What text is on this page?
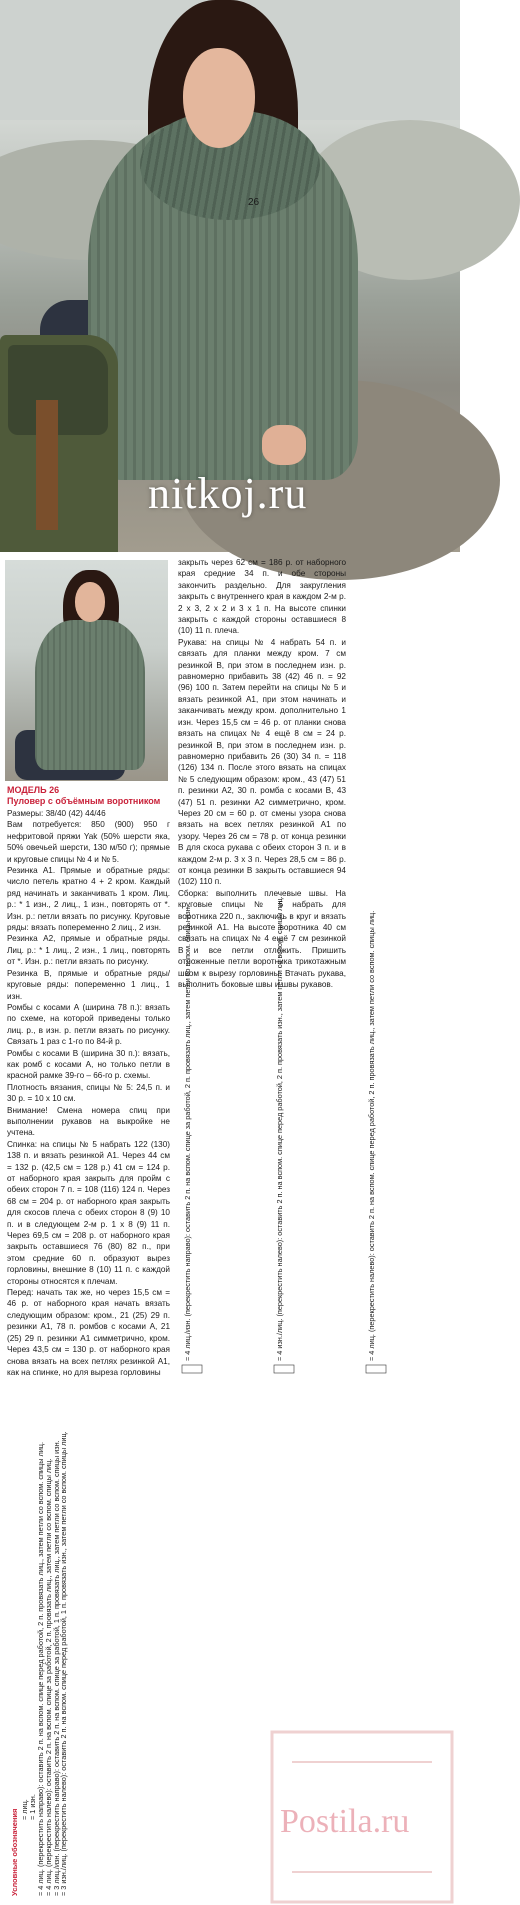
26
nitkoj.ru
МОДЕЛЬ 26
Пуловер с объёмным воротником
Размеры: 38/40 (42) 44/46
Вам потребуется: 850 (900) 950 г нефритовой пряжи Yak (50% шерсти яка, 50% овечьей шерсти, 130 м/50 г); прямые и круговые спицы № 4 и № 5.
Резинка А1. Прямые и обратные ряды: число петель кратно 4 + 2 кром. Каждый ряд начинать и заканчивать 1 кром. Лиц. р.: * 1 изн., 2 лиц., 1 изн., повторять от *. Изн. р.: петли вязать по рисунку. Круговые ряды: вязать попеременно 2 лиц., 2 изн.
Резинка А2, прямые и обратные ряды. Лиц. р.: * 1 лиц., 2 изн., 1 лиц., повторять от *. Изн. р.: петли вязать по рисунку.
Резинка В, прямые и обратные ряды/круговые ряды: попеременно 1 лиц., 1 изн.
Ромбы с косами А (ширина 78 п.): вязать по схеме, на которой приведены только лиц. р., в изн. р. петли вязать по рисунку. Связать 1 раз с 1-го по 84-й р.
Ромбы с косами В (ширина 30 п.): вязать, как ромб с косами А, но только петли в красной рамке 39-го – 66-го р. схемы.
Плотность вязания, спицы № 5: 24,5 п. и 30 р. = 10 х 10 см.
Внимание! Смена номера спиц при выполнении рукавов на выкройке не учтена.
Спинка: на спицы № 5 набрать 122 (130) 138 п. и вязать резинкой А1. Через 44 см = 132 р. (42,5 см = 128 р.) 41 см = 124 р. от наборного края закрыть для пройм с обеих сторон 7 п. = 108 (116) 124 п. Через 68 см = 204 р. от наборного края закрыть для скосов плеча с обеих сторон 8 (9) 10 п. и в следующем 2-м р. 1 х 8 (9) 11 п. Через 69,5 см = 208 р. от наборного края закрыть оставшиеся 76 (80) 82 п., при этом средние 60 п. образуют вырез горловины, внешние 8 (10) 11 п. с каждой стороны относятся к плечам.
Перед: начать так же, но через 15,5 см = 46 р. от наборного края начать вязать следующим образом: кром., 21 (25) 29 п. резинки А1, 78 п. ромбов с косами А, 21 (25) 29 п. резинки А1 симметрично, кром. Через 43,5 см = 130 р. от наборного края снова вязать на всех петлях резинкой А1, как на спинке, но для выреза горловины
закрыть через 62 см = 186 р. от наборного края средние 34 п. и обе стороны закончить раздельно. Для закругления закрыть с внутреннего края в каждом 2-м р. 2 х 3, 2 х 2 и 3 х 1 п. На высоте спинки закрыть с каждой стороны оставшиеся 8 (10) 11 п. плеча.
Рукава: на спицы № 4 набрать 54 п. и связать для планки между кром. 7 см резинкой В, при этом в последнем изн. р. равномерно прибавить 38 (42) 46 п. = 92 (96) 100 п. Затем перейти на спицы № 5 и вязать резинкой А1, при этом начинать и заканчивать между кром. дополнительно 1 изн. Через 15,5 см = 46 р. от планки снова вязать на спицах № 4 ещё 8 см = 24 р. резинкой В, при этом в последнем изн. р. равномерно прибавить 26 (30) 34 п. = 118 (126) 134 п. После этого вязать на спицах № 5 следующим образом: кром., 43 (47) 51 п. резинки А2, 30 п. ромба с косами В, 43 (47) 51 п. резинки А2 симметрично, кром. Через 20 см = 60 р. от смены узора снова вязать на всех петлях резинкой А1 по узору. Через 26 см = 78 р. от конца резинки В для скоса рукава с обеих сторон 3 п. и в каждом 2-м р. 3 х 3 п. Через 28,5 см = 86 р. от конца резинки В закрыть оставшиеся 94 (102) 110 п.
Сборка: выполнить плечевые швы. На круговые спицы № 5 набрать для воротника 220 п., заключить в круг и вязать резинкой А1. На высоте воротника 40 см связать на спицах № 4 ещё 7 см резинкой В и все петли отложить. Пришить отложенные петли воротника трикотажным швом к вырезу горловины. Втачать рукава, выполнить боковые швы и швы рукавов.
= 4 лиц./изн. (перекрестить направо): оставить 2 п. на вспом. спице за работой, 2 п. провязать лиц., затем петли со вспом. спицы изн.	= 4 изн./лиц. (перекрестить налево): оставить 2 п. на вспом. спице перед работой, 2 п. провязать изн., затем петли со вспом. спицы лиц.	= 4 лиц. (перекрестить налево): оставить 2 п. на вспом. спице перед работой, 2 п. провязать лиц., затем петли со вспом. спицы лиц.
Условные обозначения = лиц. = 1 изн. = 4 лиц. (перекрестить направо): оставить 2 п. на вспом. спице перед работой, 2 п. провязать лиц., затем петли со вспом. спицы лиц. = 4 лиц. (перекрестить налево): оставить 2 п. на вспом. спице за работой, 2 п. провязать лиц., затем петли со вспом. спицы лиц. = 3 лиц./изн. (перекрестить направо): оставить 2 п. на вспом. спице за работой, 1 п. провязать лиц., затем петли со вспом. спицы изн.
= 3 изн./лиц. (перекрестить налево): оставить 2 п. на вспом. спице перед работой, 1 п. провязать изн., затем петли со вспом. спицы лиц.	Postila.ru
